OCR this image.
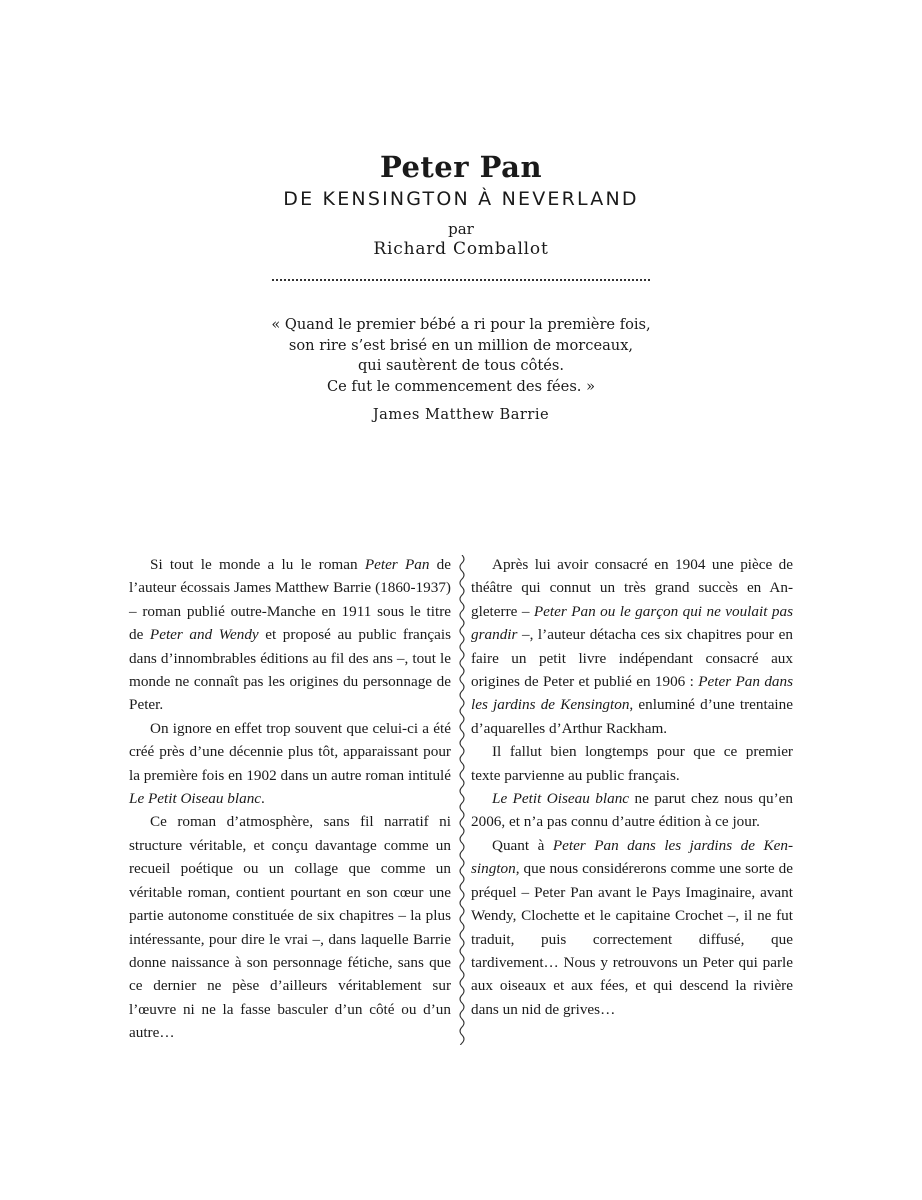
Peter Pan
DE KENSINGTON À NEVERLAND
par
Richard Comballot
« Quand le premier bébé a ri pour la première fois,
son rire s’est brisé en un million de morceaux,
qui sautèrent de tous côtés.
Ce fut le commencement des fées. »
James Matthew Barrie

Si tout le monde a lu le roman Peter Pan de l’auteur écossais James Matthew Barrie (1860-1937) – roman publié outre-Manche en 1911 sous le titre de Peter and Wendy et proposé au public français dans d’innombrables éditions au fil des ans –, tout le monde ne connaît pas les origines du personnage de Peter.

On ignore en effet trop souvent que celui-ci a été créé près d’une décennie plus tôt, apparaissant pour la première fois en 1902 dans un autre roman intitulé Le Petit Oiseau blanc.

Ce roman d’atmosphère, sans fil narratif ni structure véritable, et conçu davantage comme un recueil poétique ou un collage que comme un véritable roman, contient pourtant en son cœur une partie autonome constituée de six chapitres – la plus intéressante, pour dire le vrai –, dans laquelle Barrie donne naissance à son personnage fétiche, sans que ce dernier ne pèse d’ailleurs véritablement sur l’œuvre ni ne la fasse basculer d’un côté ou d’un autre…

Après lui avoir consacré en 1904 une pièce de théâtre qui connut un très grand succès en Angleterre – Peter Pan ou le garçon qui ne voulait pas grandir –, l’auteur détacha ces six chapitres pour en faire un petit livre indépendant consacré aux origines de Peter et publié en 1906 : Peter Pan dans les jardins de Kensington, enluminé d’une trentaine d’aquarelles d’Arthur Rackham.

Il fallut bien longtemps pour que ce premier texte parvienne au public français.

Le Petit Oiseau blanc ne parut chez nous qu’en 2006, et n’a pas connu d’autre édition à ce jour.

Quant à Peter Pan dans les jardins de Kensington, que nous considérerons comme une sorte de préquel – Peter Pan avant le Pays Imaginaire, avant Wendy, Clochette et le capitaine Crochet –, il ne fut traduit, puis correctement diffusé, que tardivement… Nous y retrouvons un Peter qui parle aux oiseaux et aux fées, et qui descend la rivière dans un nid de grives…
